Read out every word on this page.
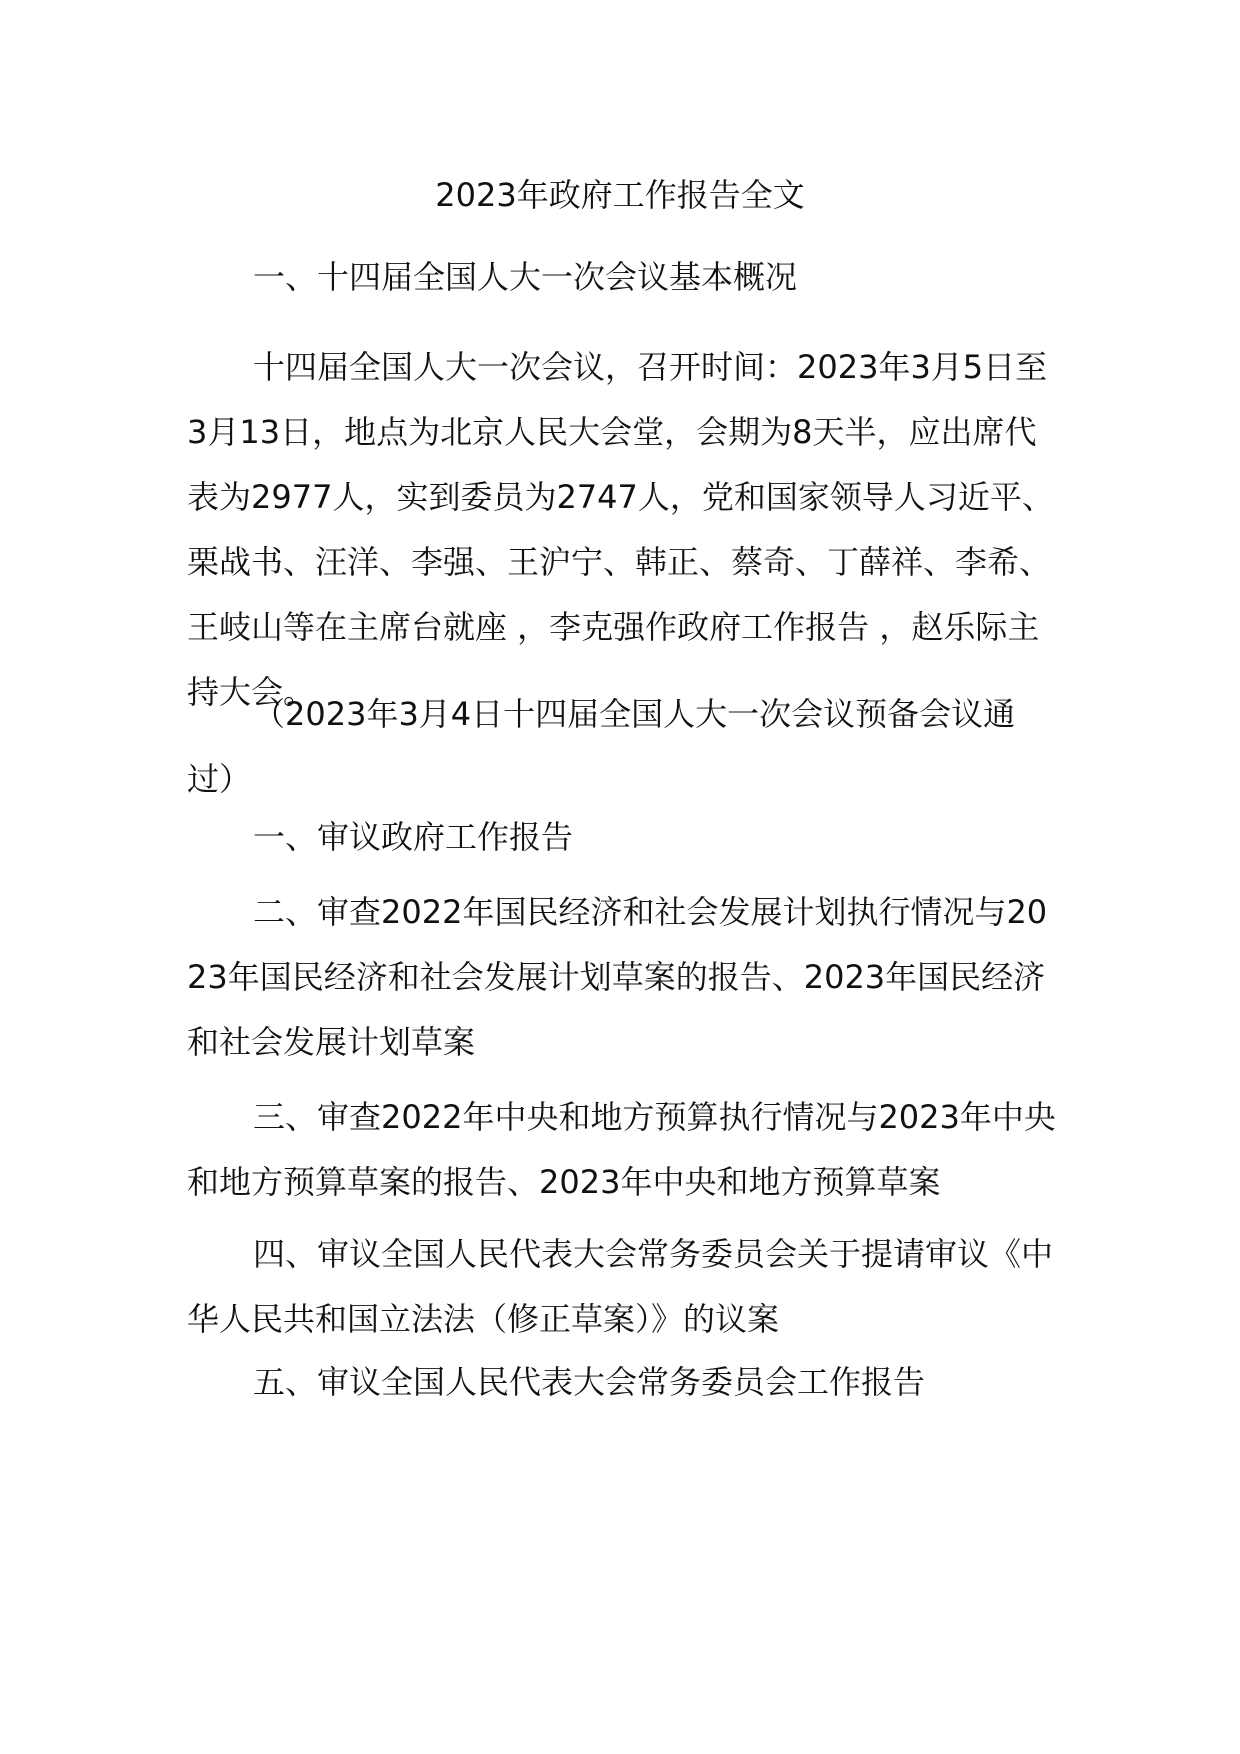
2023年政府工作报告全文

一、十四届全国人大一次会议基本概况

十四届全国人大一次会议，召开时间：2023年3月5日至3月13日，地点为北京人民大会堂，会期为8天半，应出席代表为2977人，实到委员为2747人，党和国家领导人习近平、栗战书、汪洋、李强、王沪宁、韩正、蔡奇、丁薛祥、李希、王岐山等在主席台就座 ，李克强作政府工作报告 ，赵乐际主持大会。

（2023年3月4日十四届全国人大一次会议预备会议通过）

一、审议政府工作报告

二、审查2022年国民经济和社会发展计划执行情况与2023年国民经济和社会发展计划草案的报告、2023年国民经济和社会发展计划草案

三、审查2022年中央和地方预算执行情况与2023年中央和地方预算草案的报告、2023年中央和地方预算草案

四、审议全国人民代表大会常务委员会关于提请审议《中华人民共和国立法法（修正草案）》的议案

五、审议全国人民代表大会常务委员会工作报告
